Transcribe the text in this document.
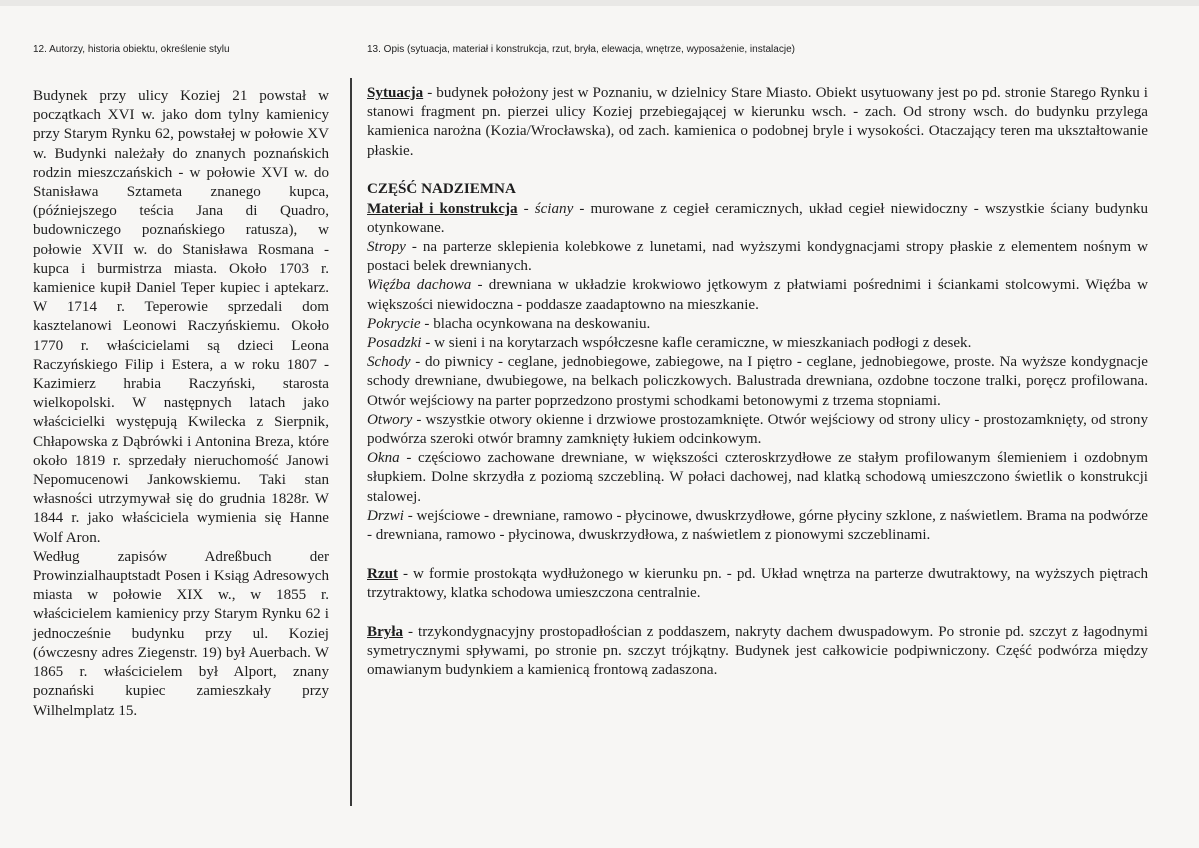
12. Autorzy, historia obiektu, określenie stylu	13. Opis (sytuacja, materiał i konstrukcja, rzut, bryła, elewacja, wnętrze, wyposażenie, instalacje)

Budynek przy ulicy Koziej 21 powstał w początkach XVI w. jako dom tylny kamienicy przy Starym Rynku 62, powstałej w połowie XV w. Budynki należały do znanych poznańskich rodzin mieszczańskich - w połowie XVI w. do Stanisława Sztameta znanego kupca, (późniejszego teścia Jana di Quadro, budowniczego poznańskiego ratusza), w połowie XVII w. do Stanisława Rosmana - kupca i burmistrza miasta. Około 1703 r. kamienice kupił Daniel Teper kupiec i aptekarz. W 1714 r. Teperowie sprzedali dom kasztelanowi Leonowi Raczyńskiemu. Około 1770 r. właścicielami są dzieci Leona Raczyńskiego Filip i Estera, a w roku 1807 - Kazimierz hrabia Raczyński, starosta wielkopolski. W następnych latach jako właścicielki występują Kwilecka z Sierpnik, Chłapowska z Dąbrówki i Antonina Breza, które około 1819 r. sprzedały nieruchomość Janowi Nepomucenowi Jankowskiemu. Taki stan własności utrzymywał się do grudnia 1828r. W 1844 r. jako właściciela wymienia się Hanne Wolf Aron.

Według zapisów Adreßbuch der Prowinzialhauptstadt Posen i Ksiąg Adresowych miasta w połowie XIX w., w 1855 r. właścicielem kamienicy przy Starym Rynku 62 i jednocześnie budynku przy ul. Koziej (ówczesny adres Ziegenstr. 19) był Auerbach. W 1865 r. właścicielem był Alport, znany poznański kupiec zamieszkały przy Wilhelmplatz 15.

Sytuacja - budynek położony jest w Poznaniu, w dzielnicy Stare Miasto. Obiekt usytuowany jest po pd. stronie Starego Rynku i stanowi fragment pn. pierzei ulicy Koziej przebiegającej w kierunku wsch. - zach. Od strony wsch. do budynku przylega kamienica narożna (Kozia/Wrocławska), od zach. kamienica o podobnej bryle i wysokości. Otaczający teren ma ukształtowanie płaskie.

CZĘŚĆ NADZIEMNA

Materiał i konstrukcja - ściany - murowane z cegieł ceramicznych, układ cegieł niewidoczny - wszystkie ściany budynku otynkowane.

Stropy - na parterze sklepienia kolebkowe z lunetami, nad wyższymi kondygnacjami stropy płaskie z elementem nośnym w postaci belek drewnianych.

Więźba dachowa - drewniana w układzie krokwiowo jętkowym z płatwiami pośrednimi i ściankami stolcowymi. Więźba w większości niewidoczna - poddasze zaadaptowno na mieszkanie.

Pokrycie - blacha ocynkowana na deskowaniu.

Posadzki - w sieni i na korytarzach współczesne kafle ceramiczne, w mieszkaniach podłogi z desek.

Schody - do piwnicy - ceglane, jednobiegowe, zabiegowe, na I piętro - ceglane, jednobiegowe, proste. Na wyższe kondygnacje schody drewniane, dwubiegowe, na belkach policzkowych. Balustrada drewniana, ozdobne toczone tralki, poręcz profilowana. Otwór wejściowy na parter poprzedzono prostymi schodkami betonowymi z trzema stopniami.

Otwory - wszystkie otwory okienne i drzwiowe prostozamknięte. Otwór wejściowy od strony ulicy - prostozamknięty, od strony podwórza szeroki otwór bramny zamknięty łukiem odcinkowym.

Okna - częściowo zachowane drewniane, w większości czteroskrzydłowe ze stałym profilowanym ślemieniem i ozdobnym słupkiem. Dolne skrzydła z poziomą szczebliną. W połaci dachowej, nad klatką schodową umieszczono świetlik o konstrukcji stalowej.

Drzwi - wejściowe - drewniane, ramowo - płycinowe, dwuskrzydłowe, górne płyciny szklone, z naświetlem. Brama na podwórze - drewniana, ramowo - płycinowa, dwuskrzydłowa, z naświetlem z pionowymi szczeblinami.

Rzut - w formie prostokąta wydłużonego w kierunku pn. - pd. Układ wnętrza na parterze dwutraktowy, na wyższych piętrach trzytraktowy, klatka schodowa umieszczona centralnie.

Bryła - trzykondygnacyjny prostopadłościan z poddaszem, nakryty dachem dwuspadowym. Po stronie pd. szczyt z łagodnymi symetrycznymi spływami, po stronie pn. szczyt trójkątny. Budynek jest całkowicie podpiwniczony. Część podwórza między omawianym budynkiem a kamienicą frontową zadaszona.
